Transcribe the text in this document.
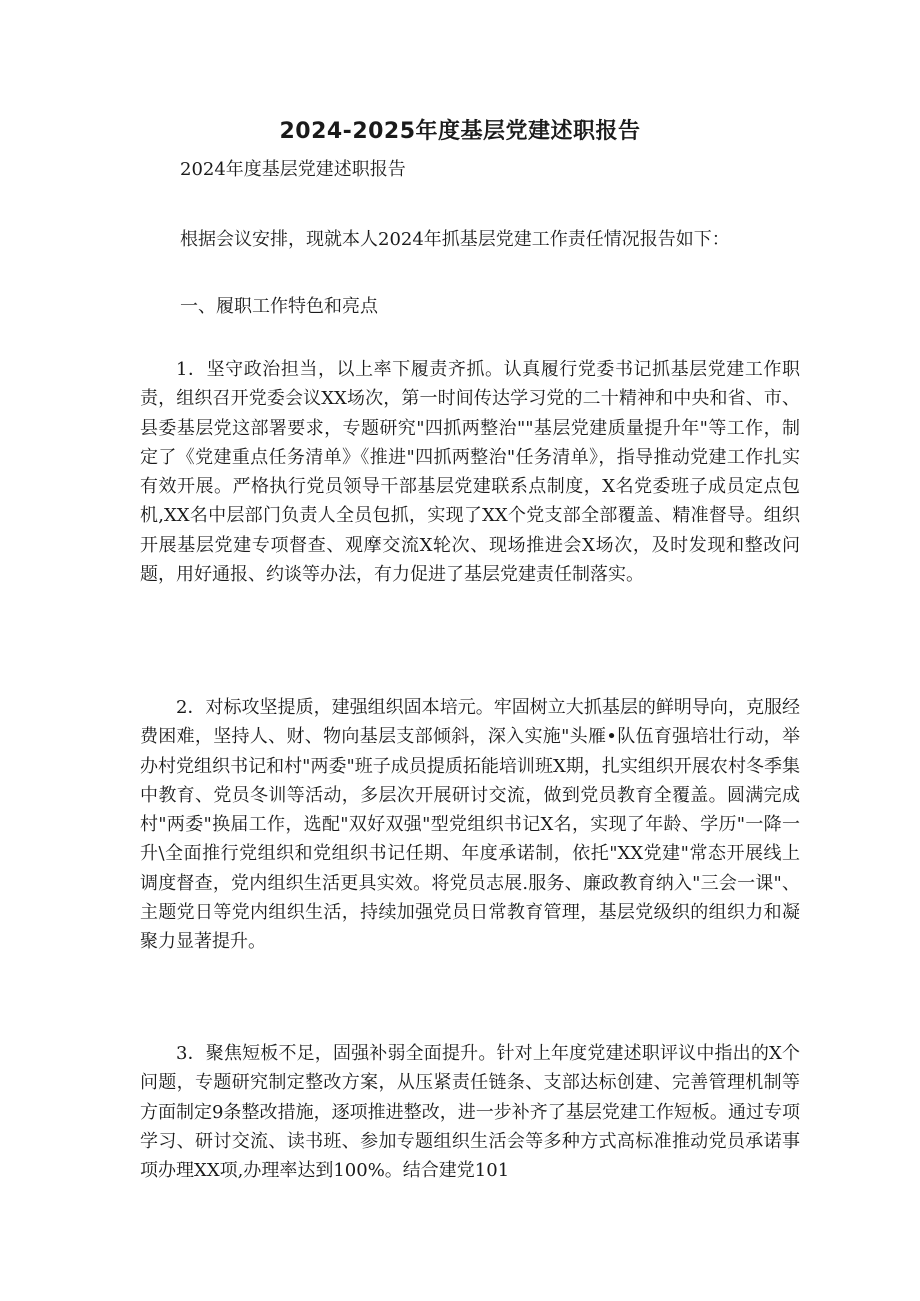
2024-2025年度基层党建述职报告
2024年度基层党建述职报告
根据会议安排，现就本人2024年抓基层党建工作责任情况报告如下：
一、履职工作特色和亮点

1．坚守政治担当，以上率下履责齐抓。认真履行党委书记抓基层党建工作职责，组织召开党委会议XX场次，第一时间传达学习党的二十精神和中央和省、市、县委基层党这部署要求，专题研究"四抓两整治""基层党建质量提升年"等工作，制定了《党建重点任务清单》《推进"四抓两整治"任务清单》，指导推动党建工作扎实有效开展。严格执行党员领导干部基层党建联系点制度，X名党委班子成员定点包机,XX名中层部门负责人全员包抓，实现了XX个党支部全部覆盖、精准督导。组织开展基层党建专项督查、观摩交流X轮次、现场推进会X场次，及时发现和整改问题，用好通报、约谈等办法，有力促进了基层党建责任制落实。

2．对标攻坚提质，建强组织固本培元。牢固树立大抓基层的鲜明导向，克服经费困难，坚持人、财、物向基层支部倾斜，深入实施"头雁•队伍育强培壮行动，举办村党组织书记和村"两委"班子成员提质拓能培训班X期，扎实组织开展农村冬季集中教育、党员冬训等活动，多层次开展研讨交流，做到党员教育全覆盖。圆满完成村"两委"换届工作，选配"双好双强"型党组织书记X名，实现了年龄、学历"一降一升\全面推行党组织和党组织书记任期、年度承诺制，依托"XX党建"常态开展线上调度督查，党内组织生活更具实效。将党员志展.服务、廉政教育纳入"三会一课"、主题党日等党内组织生活，持续加强党员日常教育管理，基层党级织的组织力和凝聚力显著提升。

3．聚焦短板不足，固强补弱全面提升。针对上年度党建述职评议中指出的X个问题，专题研究制定整改方案，从压紧责任链条、支部达标创建、完善管理机制等方面制定9条整改措施，逐项推进整改，进一步补齐了基层党建工作短板。通过专项学习、研讨交流、读书班、参加专题组织生活会等多种方式高标准推动党员承诺事项办理XX项,办理率达到100%。结合建党101
